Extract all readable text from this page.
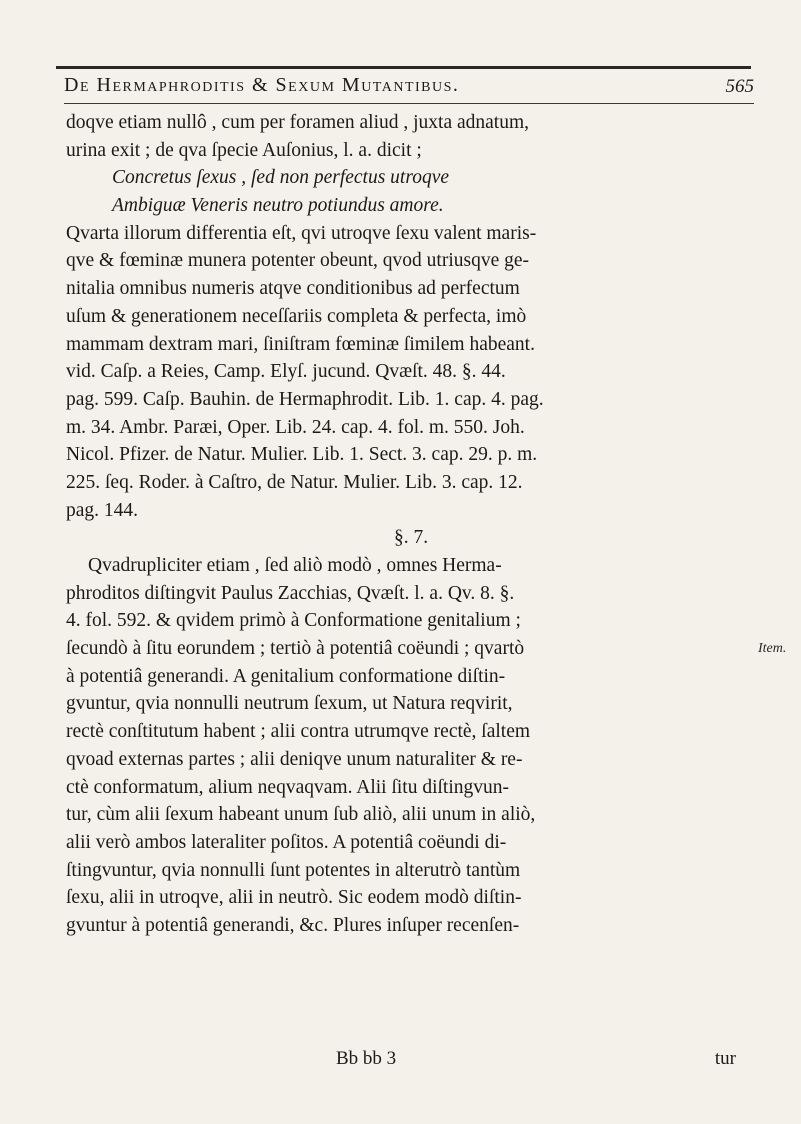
De Hermaphroditis & Sexum Mutantibus.	565
doqve etiam nullô , cum per foramen aliud , juxta adnatum,
urina exit ; de qva ſpecie Auſonius, l. a. dicit ;
Concretus ſexus , ſed non perfectus utroqve
Ambiguæ Veneris neutro potiundus amore.
Qvarta illorum differentia eſt, qvi utroqve ſexu valent maris-
qve & fœminæ munera potenter obeunt, qvod utriusqve ge-
nitalia omnibus numeris atqve conditionibus ad perfectum
uſum & generationem neceſſariis completa & perfecta, imò
mammam dextram mari, ſiniſtram fœminæ ſimilem habeant.
vid. Caſp. a Reies, Camp. Elyſ. jucund. Qvæſt. 48. §. 44.
pag. 599. Caſp. Bauhin. de Hermaphrodit. Lib. 1. cap. 4. pag.
m. 34. Ambr. Paræi, Oper. Lib. 24. cap. 4. fol. m. 550. Joh.
Nicol. Pfizer. de Natur. Mulier. Lib. 1. Sect. 3. cap. 29. p. m.
225. ſeq. Roder. à Caſtro, de Natur. Mulier. Lib. 3. cap. 12.
pag. 144.
§. 7.
Qvadrupliciter etiam , ſed aliò modò , omnes Herma-
phroditos diſtingvit Paulus Zacchias, Qvæſt. l. a. Qv. 8. §.
4. fol. 592. & qvidem primò à Conformatione genitalium ;
ſecundò à ſitu eorundem ; tertiò à potentiâ coëundi ; qvartò
à potentiâ generandi. A genitalium conformatione diſtin-
gvuntur, qvia nonnulli neutrum ſexum, ut Natura reqvirit,
rectè conſtitutum habent ; alii contra utrumqve rectè, ſaltem
qvoad externas partes ; alii deniqve unum naturaliter & re-
ctè conformatum, alium neqvaqvam. Alii ſitu diſtingvun-
tur, cùm alii ſexum habeant unum ſub aliò, alii unum in aliò,
alii verò ambos lateraliter poſitos. A potentiâ coëundi di-
ſtingvuntur, qvia nonnulli ſunt potentes in alterutrò tantùm
ſexu, alii in utroqve, alii in neutrò. Sic eodem modò diſtin-
gvuntur à potentiâ generandi, &c. Plures inſuper recenſen-
Item.
Bb bb 3	tur
